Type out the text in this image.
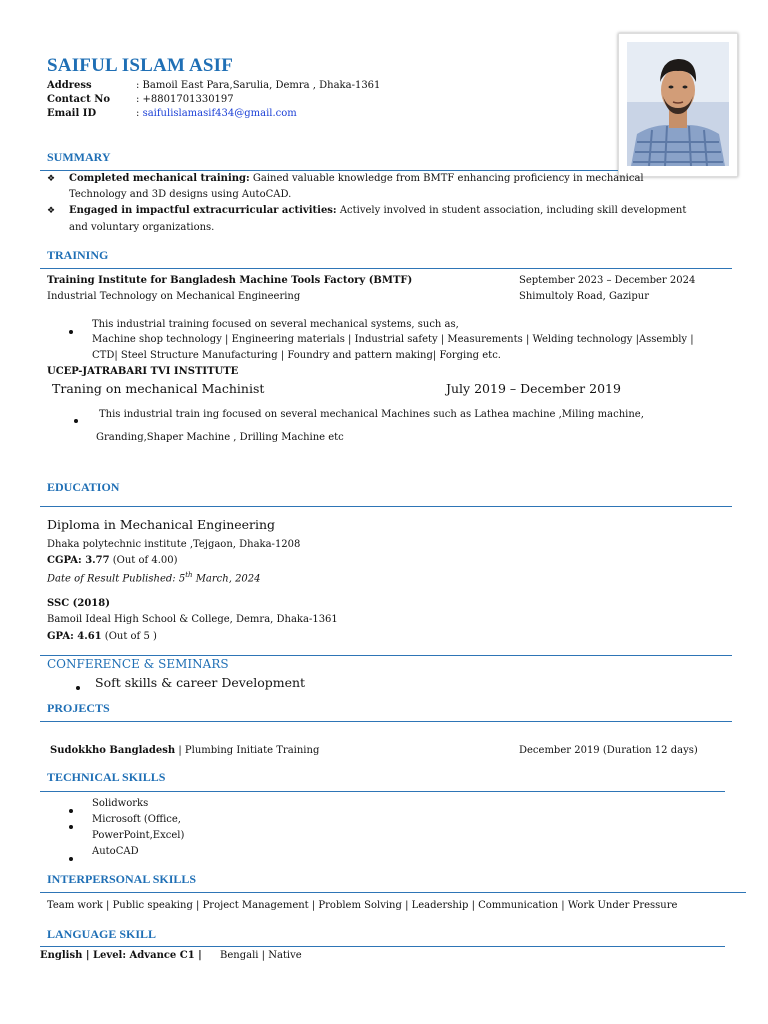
SAIFUL ISLAM ASIF
Address	: Bamoil East Para,Sarulia, Demra , Dhaka-1361
Contact No	: +8801701330197
Email ID	: saifulislamasif434@gmail.com
SUMMARY
❖ Completed mechanical training: Gained valuable knowledge from BMTF enhancing proficiency in mechanical
Technology and 3D designs using AutoCAD.
❖ Engaged in impactful extracurricular activities: Actively involved in student association, including skill development
and voluntary organizations.
TRAINING
Training Institute for Bangladesh Machine Tools Factory (BMTF)	September 2023 – December 2024
Industrial Technology on Mechanical Engineering	Shimultoly Road, Gazipur
This industrial training focused on several mechanical systems, such as,
Machine shop technology | Engineering materials | Industrial safety | Measurements | Welding technology |Assembly |
CTD| Steel Structure Manufacturing | Foundry and pattern making| Forging etc.
UCEP-JATRABARI TVI INSTITUTE
Traning on mechanical Machinist	July 2019 – December 2019
This industrial train ing focused on several mechanical Machines such as Lathea machine ,Miling machine,
Granding,Shaper Machine , Drilling Machine etc
EDUCATION
Diploma in Mechanical Engineering
Dhaka polytechnic institute ,Tejgaon, Dhaka-1208
CGPA: 3.77 (Out of 4.00)
Date of Result Published: 5th March, 2024
SSC (2018)
Bamoil Ideal High School & College, Demra, Dhaka-1361
GPA: 4.61 (Out of 5 )
CONFERENCE & SEMINARS
Soft skills & career Development
PROJECTS
Sudokkho Bangladesh | Plumbing Initiate Training	December 2019 (Duration 12 days)
TECHNICAL SKILLS
Solidworks
Microsoft (Office,
PowerPoint,Excel)
AutoCAD
INTERPERSONAL SKILLS
Team work | Public speaking | Project Management | Problem Solving | Leadership | Communication | Work Under Pressure
LANGUAGE SKILL
English | Level: Advance C1 | Bengali | Native
